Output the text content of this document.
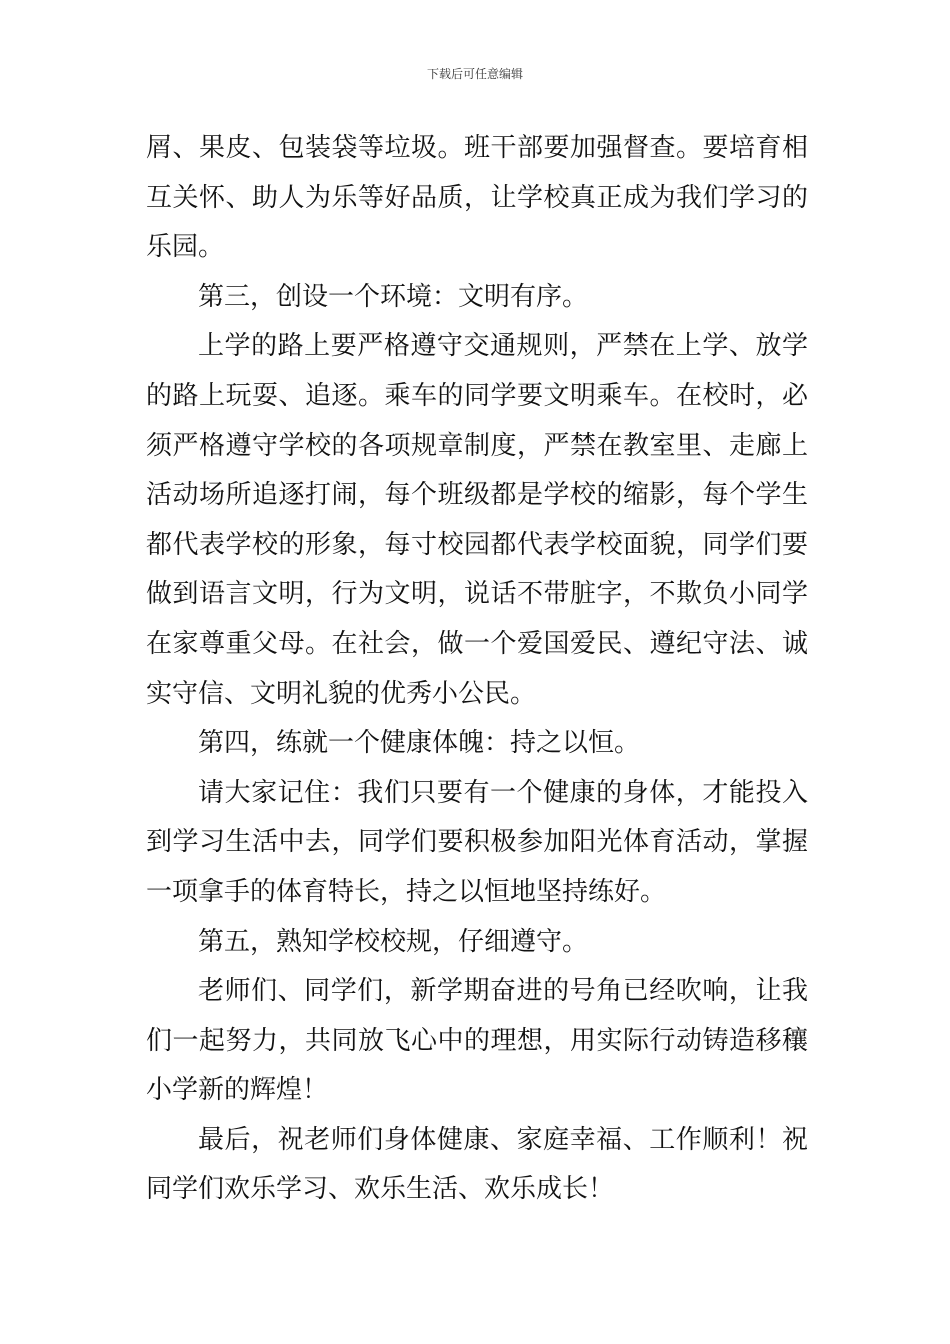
下载后可任意编辑

屑、果皮、包装袋等垃圾。班干部要加强督查。要培育相互关怀、助人为乐等好品质，让学校真正成为我们学习的乐园。

第三，创设一个环境：文明有序。

上学的路上要严格遵守交通规则，严禁在上学、放学的路上玩耍、追逐。乘车的同学要文明乘车。在校时，必须严格遵守学校的各项规章制度，严禁在教室里、走廊上活动场所追逐打闹，每个班级都是学校的缩影，每个学生都代表学校的形象，每寸校园都代表学校面貌，同学们要做到语言文明，行为文明，说话不带脏字，不欺负小同学在家尊重父母。在社会，做一个爱国爱民、遵纪守法、诚实守信、文明礼貌的优秀小公民。

第四，练就一个健康体魄：持之以恒。

请大家记住：我们只要有一个健康的身体，才能投入到学习生活中去，同学们要积极参加阳光体育活动，掌握一项拿手的体育特长，持之以恒地坚持练好。

第五，熟知学校校规，仔细遵守。

老师们、同学们，新学期奋进的号角已经吹响，让我们一起努力，共同放飞心中的理想，用实际行动铸造移穰小学新的辉煌！

最后，祝老师们身体健康、家庭幸福、工作顺利！祝同学们欢乐学习、欢乐生活、欢乐成长！
